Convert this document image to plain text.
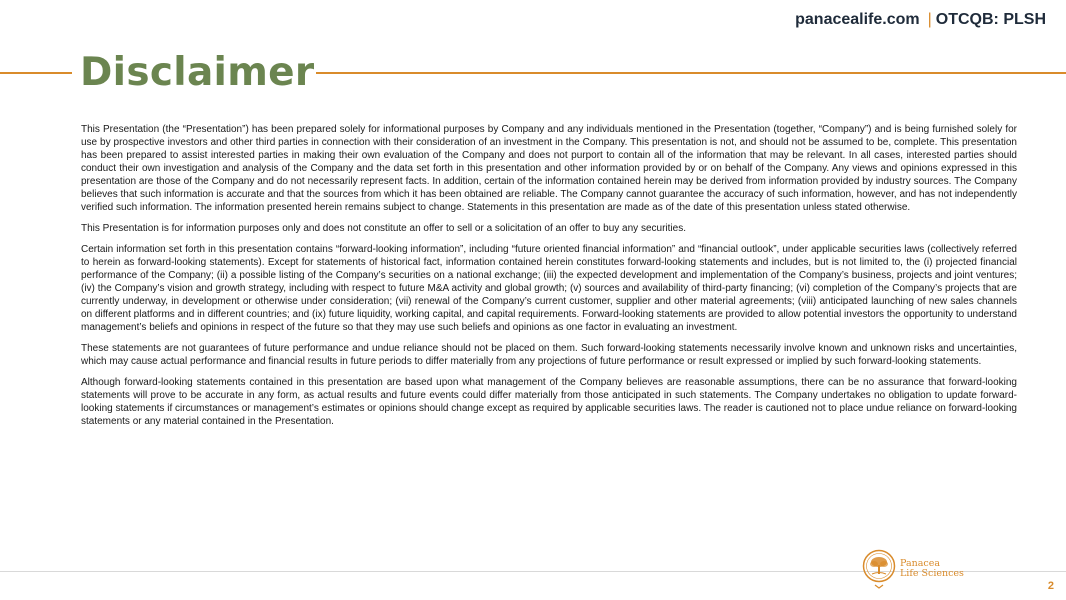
panacealife.com | OTCQB: PLSH
Disclaimer

This Presentation (the “Presentation”) has been prepared solely for informational purposes by Company and any individuals mentioned in the Presentation (together, “Company”) and is being furnished solely for use by prospective investors and other third parties in connection with their consideration of an investment in the Company. This presentation is not, and should not be assumed to be, complete. This presentation has been prepared to assist interested parties in making their own evaluation of the Company and does not purport to contain all of the information that may be relevant. In all cases, interested parties should conduct their own investigation and analysis of the Company and the data set forth in this presentation and other information provided by or on behalf of the Company. Any views and opinions expressed in this presentation are those of the Company and do not necessarily represent facts. In addition, certain of the information contained herein may be derived from information provided by industry sources. The Company believes that such information is accurate and that the sources from which it has been obtained are reliable. The Company cannot guarantee the accuracy of such information, however, and has not independently verified such information. The information presented herein remains subject to change. Statements in this presentation are made as of the date of this presentation unless stated otherwise.

This Presentation is for information purposes only and does not constitute an offer to sell or a solicitation of an offer to buy any securities.

Certain information set forth in this presentation contains “forward-looking information”, including “future oriented financial information” and “financial outlook”, under applicable securities laws (collectively referred to herein as forward-looking statements). Except for statements of historical fact, information contained herein constitutes forward-looking statements and includes, but is not limited to, the (i) projected financial performance of the Company; (ii) a possible listing of the Company’s securities on a national exchange; (iii) the expected development and implementation of the Company’s business, projects and joint ventures; (iv) the Company’s vision and growth strategy, including with respect to future M&A activity and global growth; (v) sources and availability of third-party financing; (vi) completion of the Company’s projects that are currently underway, in development or otherwise under consideration; (vii) renewal of the Company’s current customer, supplier and other material agreements; (viii) anticipated launching of new sales channels on different platforms and in different countries; and (ix) future liquidity, working capital, and capital requirements. Forward-looking statements are provided to allow potential investors the opportunity to understand management’s beliefs and opinions in respect of the future so that they may use such beliefs and opinions as one factor in evaluating an investment.

These statements are not guarantees of future performance and undue reliance should not be placed on them. Such forward-looking statements necessarily involve known and unknown risks and uncertainties, which may cause actual performance and financial results in future periods to differ materially from any projections of future performance or result expressed or implied by such forward-looking statements.

Although forward-looking statements contained in this presentation are based upon what management of the Company believes are reasonable assumptions, there can be no assurance that forward-looking statements will prove to be accurate in any form, as actual results and future events could differ materially from those anticipated in such statements. The Company undertakes no obligation to update forward-looking statements if circumstances or management’s estimates or opinions should change except as required by applicable securities laws. The reader is cautioned not to place undue reliance on forward-looking statements or any material contained in the Presentation.

Panacea
Life Sciences
2
